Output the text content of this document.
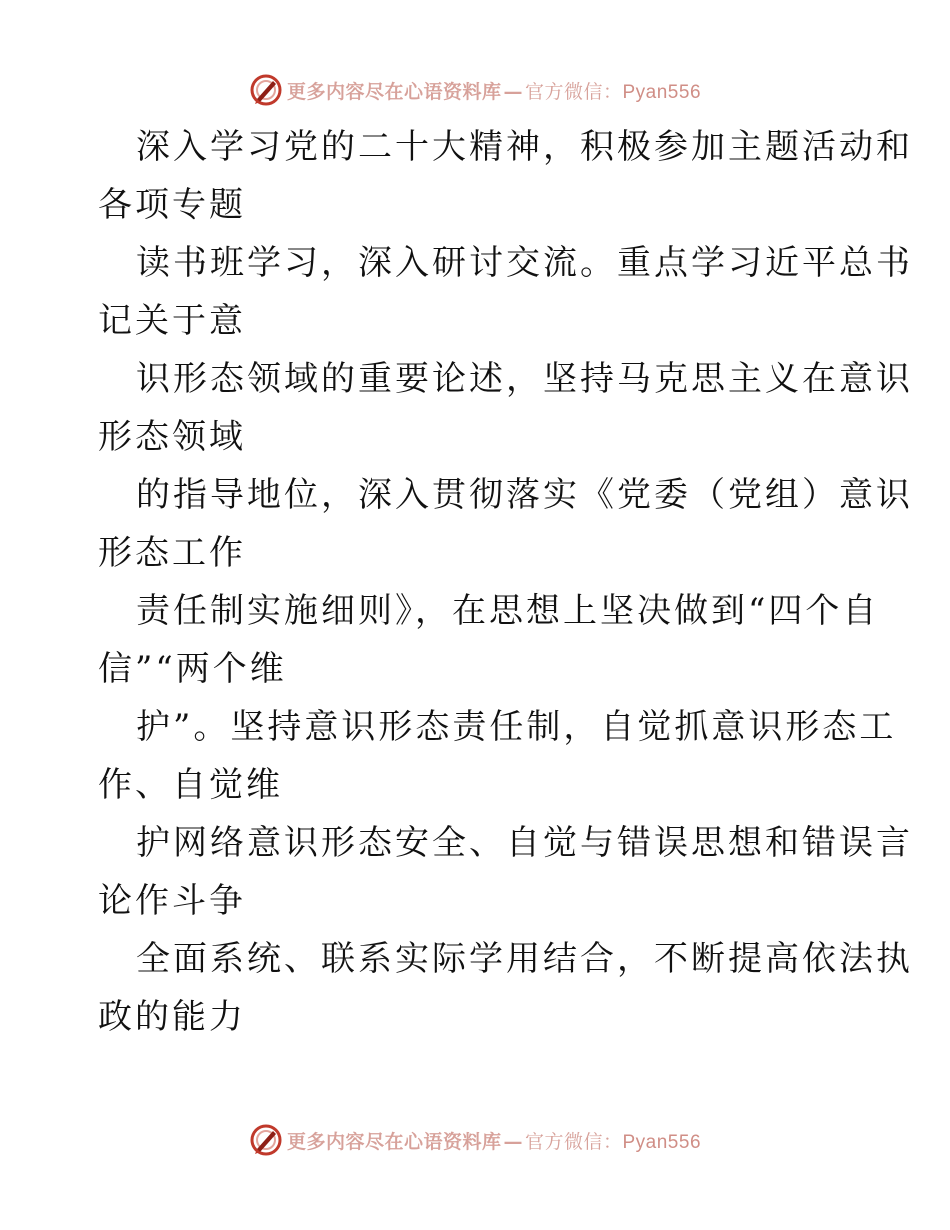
更多内容尽在心语资料库 — 官方微信：Pyan556

深入学习党的二十大精神，积极参加主题活动和
各项专题

读书班学习，深入研讨交流。重点学习近平总书
记关于意

识形态领域的重要论述，坚持马克思主义在意识
形态领域

的指导地位，深入贯彻落实《党委（党组）意识
形态工作

责任制实施细则》，在思想上坚决做到“四个自
信”“两个维

护”。坚持意识形态责任制，自觉抓意识形态工
作、自觉维

护网络意识形态安全、自觉与错误思想和错误言
论作斗争

全面系统、联系实际学用结合，不断提高依法执
政的能力

更多内容尽在心语资料库 — 官方微信：Pyan556
